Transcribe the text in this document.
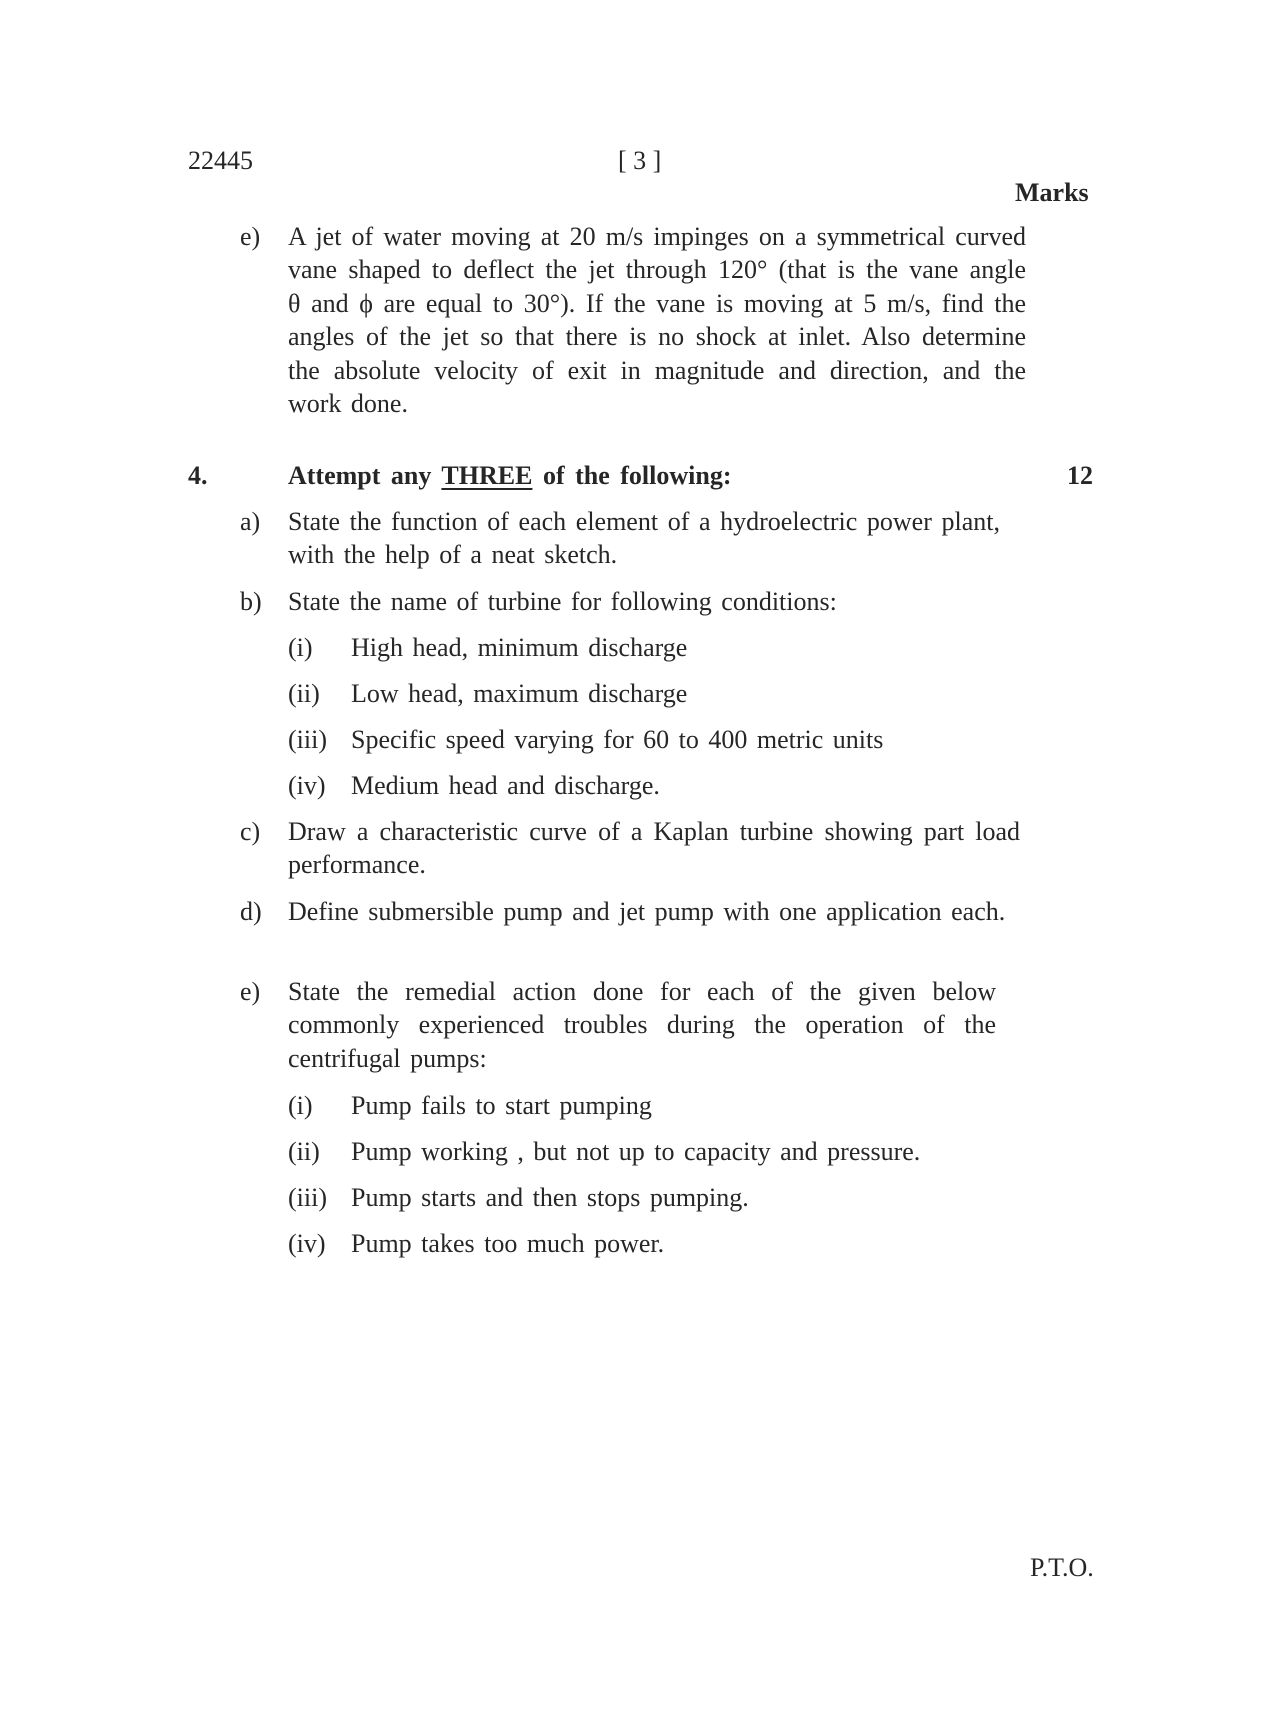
22445	[ 3 ]
Marks
e) A jet of water moving at 20 m/s impinges on a symmetrical curved vane shaped to deflect the jet through 120° (that is the vane angle θ and ϕ are equal to 30°). If the vane is moving at 5 m/s, find the angles of the jet so that there is no shock at inlet. Also determine the absolute velocity of exit in magnitude and direction, and the work done.
4.	Attempt any THREE of the following:	12
a) State the function of each element of a hydroelectric power plant, with the help of a neat sketch.
b) State the name of turbine for following conditions:
(i) High head, minimum discharge
(ii) Low head, maximum discharge
(iii) Specific speed varying for 60 to 400 metric units
(iv) Medium head and discharge.
c) Draw a characteristic curve of a Kaplan turbine showing part load performance.
d) Define submersible pump and jet pump with one application each.
e) State the remedial action done for each of the given below commonly experienced troubles during the operation of the centrifugal pumps:
(i) Pump fails to start pumping
(ii) Pump working , but not up to capacity and pressure.
(iii) Pump starts and then stops pumping.
(iv) Pump takes too much power.
P.T.O.
